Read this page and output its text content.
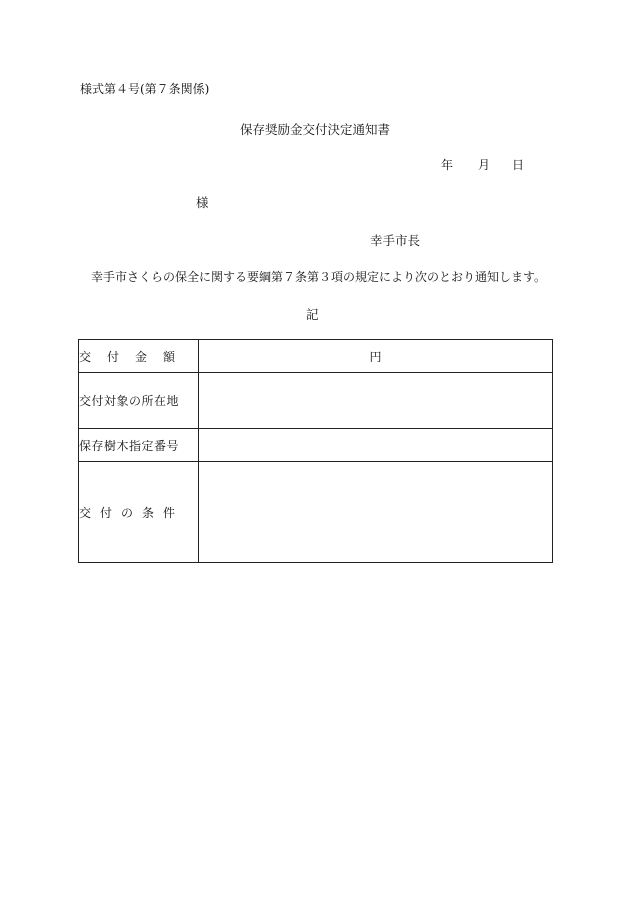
様式第４号(第７条関係)
保存奨励金交付決定通知書
年 月 日
様
幸手市長
幸手市さくらの保全に関する要綱第７条第３項の規定により次のとおり通知します。
記
交付金額	円

交付対象の所在地	

保存樹木指定番号	

交付の条件	
